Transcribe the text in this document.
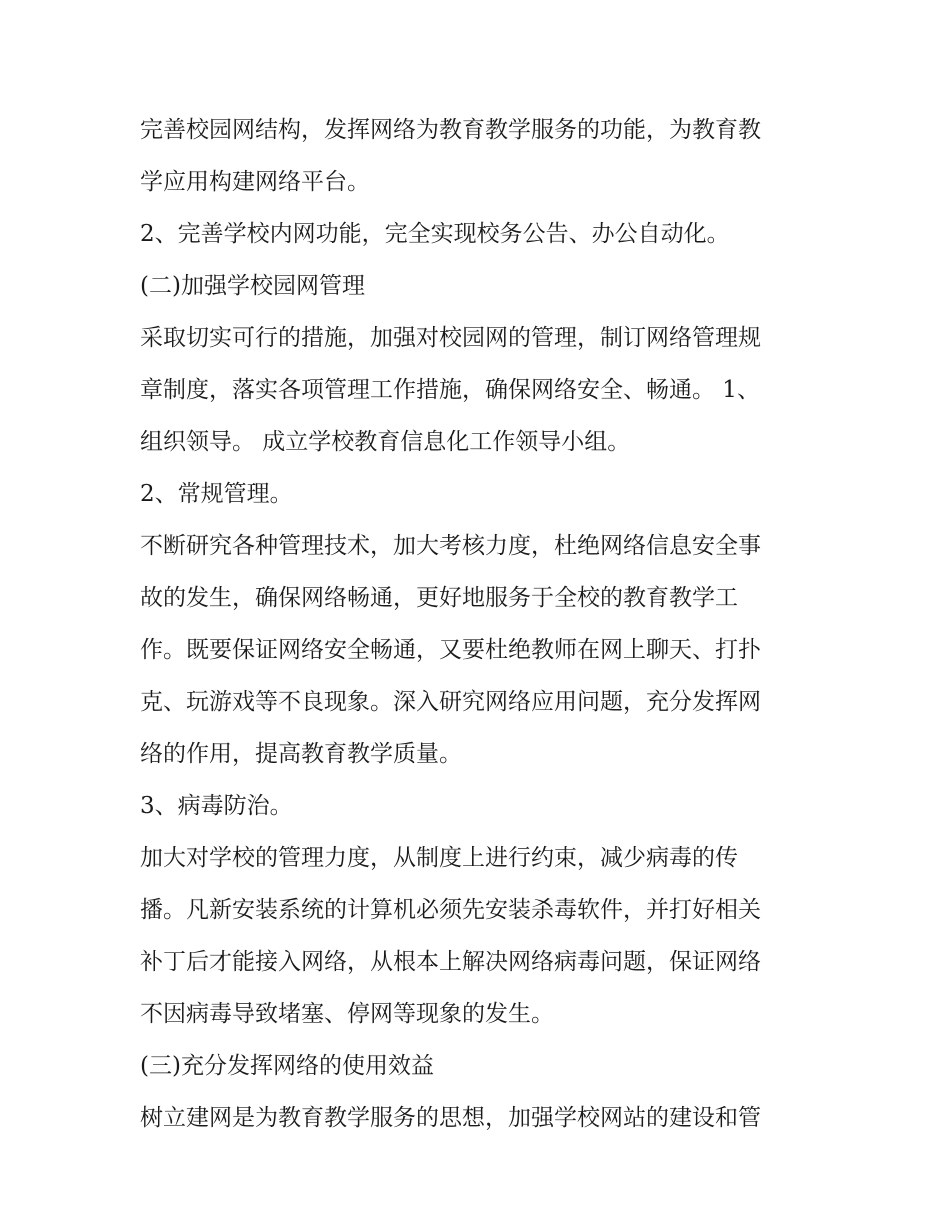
完善校园网结构，发挥网络为教育教学服务的功能，为教育教
学应用构建网络平台。
2、完善学校内网功能，完全实现校务公告、办公自动化。
(二)加强学校园网管理
采取切实可行的措施，加强对校园网的管理，制订网络管理规
章制度，落实各项管理工作措施，确保网络安全、畅通。 1、
组织领导。 成立学校教育信息化工作领导小组。
2、常规管理。
不断研究各种管理技术，加大考核力度，杜绝网络信息安全事
故的发生，确保网络畅通，更好地服务于全校的教育教学工
作。既要保证网络安全畅通，又要杜绝教师在网上聊天、打扑
克、玩游戏等不良现象。深入研究网络应用问题，充分发挥网
络的作用，提高教育教学质量。
3、病毒防治。
加大对学校的管理力度，从制度上进行约束，减少病毒的传
播。凡新安装系统的计算机必须先安装杀毒软件，并打好相关
补丁后才能接入网络，从根本上解决网络病毒问题，保证网络
不因病毒导致堵塞、停网等现象的发生。
(三)充分发挥网络的使用效益
树立建网是为教育教学服务的思想，加强学校网站的建设和管
